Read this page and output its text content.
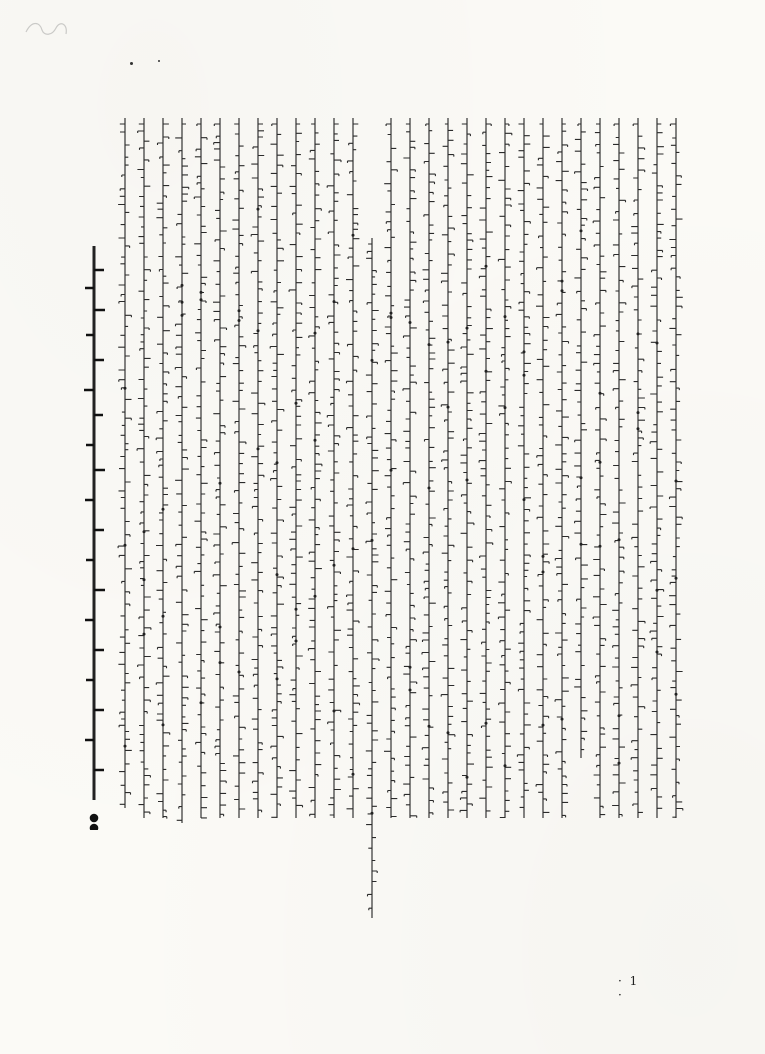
· 1 ·
